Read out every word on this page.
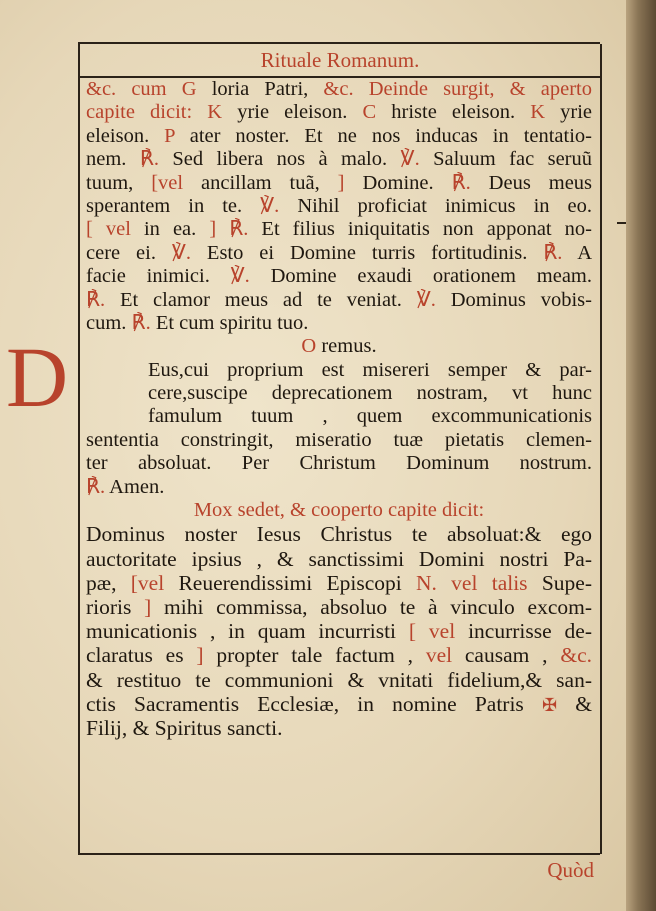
Rituale Romanum.
&c. cum G loria Patri, &c. Deinde surgit, & aperto
capite dicit: K yrie eleison. C hriste eleison. K yrie
eleison. P ater noster. Et ne nos inducas in tentatio-
nem. ℟. Sed libera nos à malo. ℣. Saluum fac seruũ
tuum, [vel ancillam tuã, ] Domine. ℟. Deus meus
sperantem in te. ℣. Nihil proficiat inimicus in eo.
[ vel in ea. ] ℟. Et filius iniquitatis non apponat no-
cere ei. ℣. Esto ei Domine turris fortitudinis. ℟. A
facie inimici. ℣. Domine exaudi orationem meam.
℟. Et clamor meus ad te veniat. ℣. Dominus vobis-
cum. ℟. Et cum spiritu tuo.
O remus.
Eus,cui proprium est misereri semper & par-
cere,suscipe deprecationem nostram, vt hunc
famulum tuum , quem excommunicationis
sententia constringit, miseratio tuæ pietatis clemen-
ter absoluat. Per Christum Dominum nostrum.
℟. Amen.
Mox sedet, & cooperto capite dicit:
Dominus noster Iesus Christus te absoluat:& ego
auctoritate ipsius , & sanctissimi Domini nostri Pa-
pæ, [vel Reuerendissimi Episcopi N. vel talis Supe-
rioris ] mihi commissa, absoluo te à vinculo excom-
municationis , in quam incurristi [ vel incurrisse de-
claratus es ] propter tale factum , vel causam , &c.
& restituo te communioni & vnitati fidelium,& san-
ctis Sacramentis Ecclesiæ, in nomine Patris ✠ &
Filij, & Spiritus sancti.
D
Quòd
